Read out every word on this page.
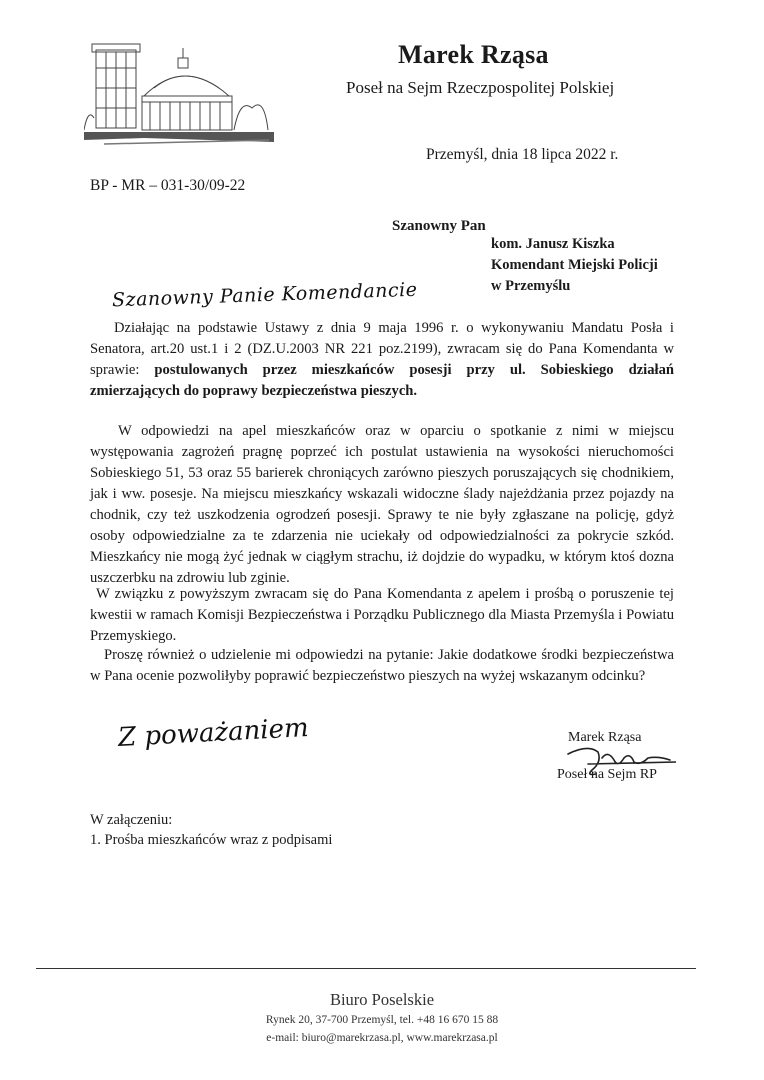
Marek Rząsa
Poseł na Sejm Rzeczpospolitej Polskiej
Przemyśl, dnia 18 lipca 2022 r.
BP - MR – 031-30/09-22
Szanowny Pan
kom. Janusz Kiszka
Komendant Miejski Policji
w Przemyślu
Szanowny Panie Komendancie

Działając na podstawie Ustawy z dnia 9 maja 1996 r. o wykonywaniu Mandatu Posła i Senatora, art.20 ust.1 i 2 (DZ.U.2003 NR 221 poz.2199), zwracam się do Pana Komendanta w sprawie: postulowanych przez mieszkańców posesji przy ul. Sobieskiego działań zmierzających do poprawy bezpieczeństwa pieszych.

W odpowiedzi na apel mieszkańców oraz w oparciu o spotkanie z nimi w miejscu występowania zagrożeń pragnę poprzeć ich postulat ustawienia na wysokości nieruchomości Sobieskiego 51, 53 oraz 55 barierek chroniących zarówno pieszych poruszających się chodnikiem, jak i ww. posesje. Na miejscu mieszkańcy wskazali widoczne ślady najeżdżania przez pojazdy na chodnik, czy też uszkodzenia ogrodzeń posesji. Sprawy te nie były zgłaszane na policję, gdyż osoby odpowiedzialne za te zdarzenia nie uciekały od odpowiedzialności za pokrycie szkód. Mieszkańcy nie mogą żyć jednak w ciągłym strachu, iż dojdzie do wypadku, w którym ktoś dozna uszczerbku na zdrowiu lub zginie.

W związku z powyższym zwracam się do Pana Komendanta z apelem i prośbą o poruszenie tej kwestii w ramach Komisji Bezpieczeństwa i Porządku Publicznego dla Miasta Przemyśla i Powiatu Przemyskiego.

Proszę również o udzielenie mi odpowiedzi na pytanie: Jakie dodatkowe środki bezpieczeństwa w Pana ocenie pozwoliłyby poprawić bezpieczeństwo pieszych na wyżej wskazanym odcinku?

Z poważaniem	Marek Rząsa
Poseł na Sejm RP
W załączeniu:
1. Prośba mieszkańców wraz z podpisami
Biuro Poselskie
Rynek 20, 37-700 Przemyśl, tel. +48 16 670 15 88
e-mail: biuro@marekrzasa.pl, www.marekrzasa.pl
